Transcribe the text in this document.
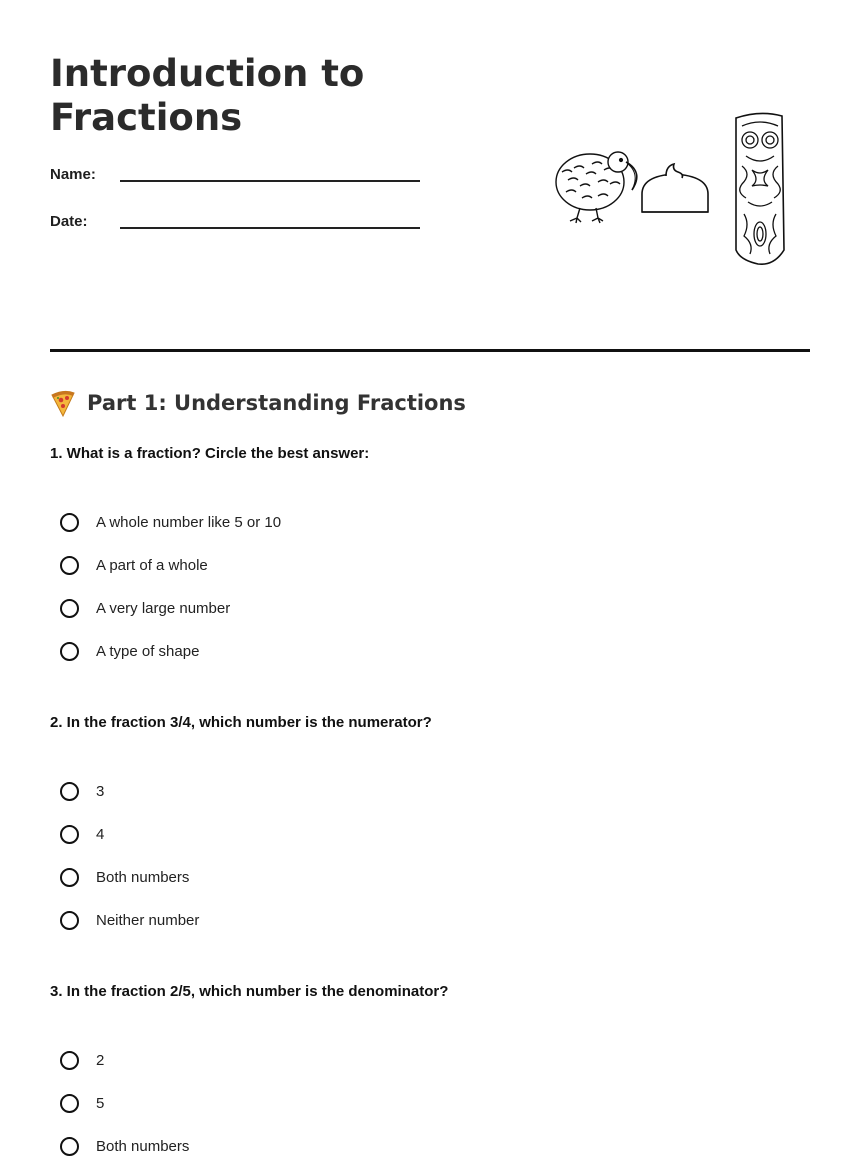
Introduction to Fractions
Name:
Date:
Part 1: Understanding Fractions
1. What is a fraction? Circle the best answer:
A whole number like 5 or 10
A part of a whole
A very large number
A type of shape
2. In the fraction 3/4, which number is the numerator?
3
4
Both numbers
Neither number
3. In the fraction 2/5, which number is the denominator?
2
5
Both numbers
